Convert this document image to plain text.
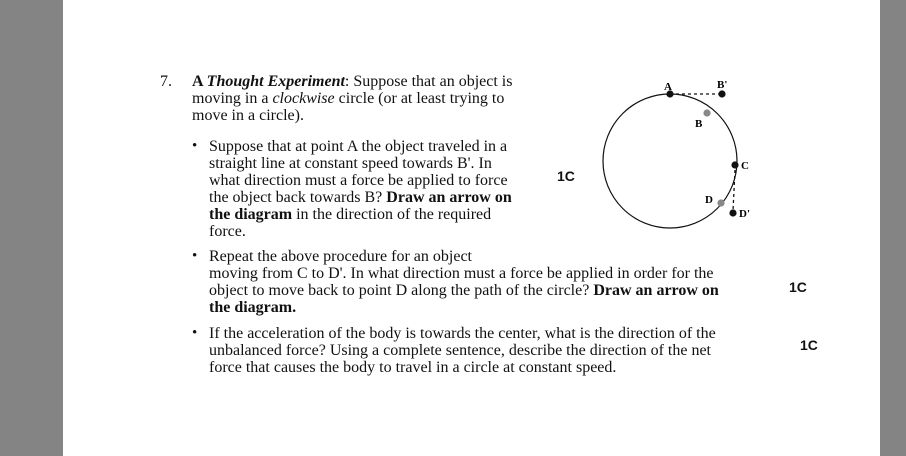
7. A Thought Experiment: Suppose that an object is
moving in a clockwise circle (or at least trying to
move in a circle).
• Suppose that at point A the object traveled in a
straight line at constant speed towards B'. In
what direction must a force be applied to force
the object back towards B? Draw an arrow on
the diagram in the direction of the required
force.
1C
• Repeat the above procedure for an object
moving from C to D'. In what direction must a force be applied in order for the
object to move back to point D along the path of the circle? Draw an arrow on
the diagram.
1C
• If the acceleration of the body is towards the center, what is the direction of the
unbalanced force? Using a complete sentence, describe the direction of the net
force that causes the body to travel in a circle at constant speed.
1C
A	B'
B
C
D
D'
